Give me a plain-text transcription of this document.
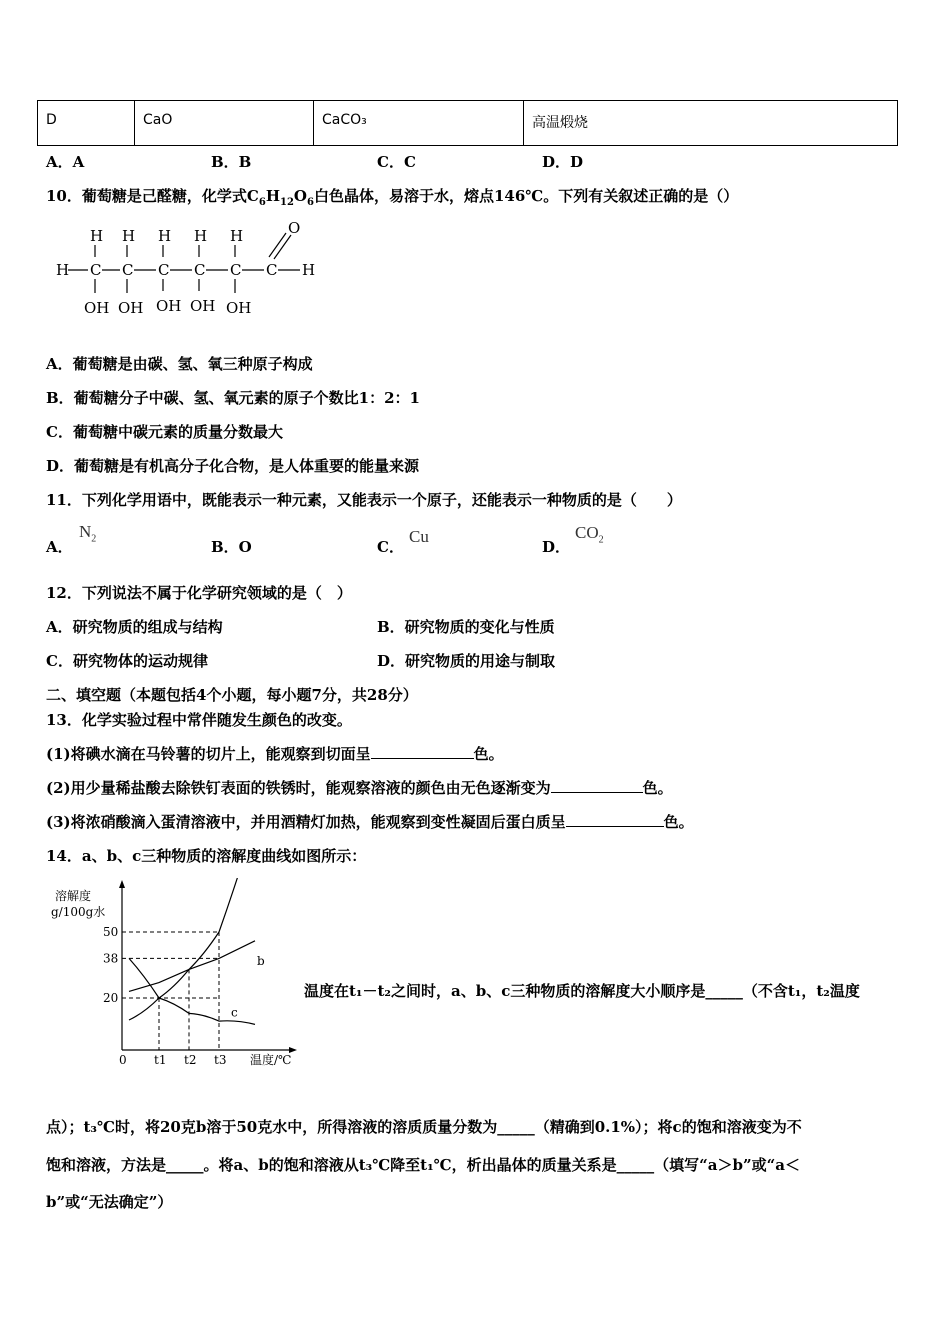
D	CaO	CaCO₃	高温煅烧
A．A	B．B	C．C	D．D
10．葡萄糖是己醛糖，化学式$C_6H_{12}O_6$白色晶体，易溶于水，熔点146℃。下列有关叙述正确的是（）
H H H H H	O
H C C C C C C H
OH OH OH OH OH
A．葡萄糖是由碳、氢、氧三种原子构成
B．葡萄糖分子中碳、氢、氧元素的原子个数比1：2：1
C．葡萄糖中碳元素的质量分数最大
D．葡萄糖是有机高分子化合物，是人体重要的能量来源
11．下列化学用语中，既能表示一种元素，又能表示一个原子，还能表示一种物质的是（　　）
A．
$N_2$	B．O	C．
Cu
D．
$CO_2$
12．下列说法不属于化学研究领域的是（　）
A．研究物质的组成与结构	B．研究物质的变化与性质
C．研究物体的运动规律	D．研究物质的用途与制取
二、填空题（本题包括4个小题，每小题7分，共28分）
13．化学实验过程中常伴随发生颜色的改变。
(1)将碘水滴在马铃薯的切片上，能观察到切面呈	色。
(2)用少量稀盐酸去除铁钉表面的铁锈时，能观察溶液的颜色由无色逐渐变为	色。
(3)将浓硝酸滴入蛋清溶液中，并用酒精灯加热，能观察到变性凝固后蛋白质呈	色。
14．a、b、c三种物质的溶解度曲线如图所示：
溶解度
g/100g水
温度/℃
0
20
38
50
t1 t2 t3
b
c
温度在t₁－t₂之间时，a、b、c三种物质的溶解度大小顺序是_____（不含t₁，t₂温度
点）；t₃℃时，将20克b溶于50克水中，所得溶液的溶质质量分数为_____（精确到0.1%）；将c的饱和溶液变为不
饱和溶液，方法是_____。将a、b的饱和溶液从t₃℃降至t₁℃，析出晶体的质量关系是_____（填写“a＞b”或“a＜
b”或“无法确定”）
